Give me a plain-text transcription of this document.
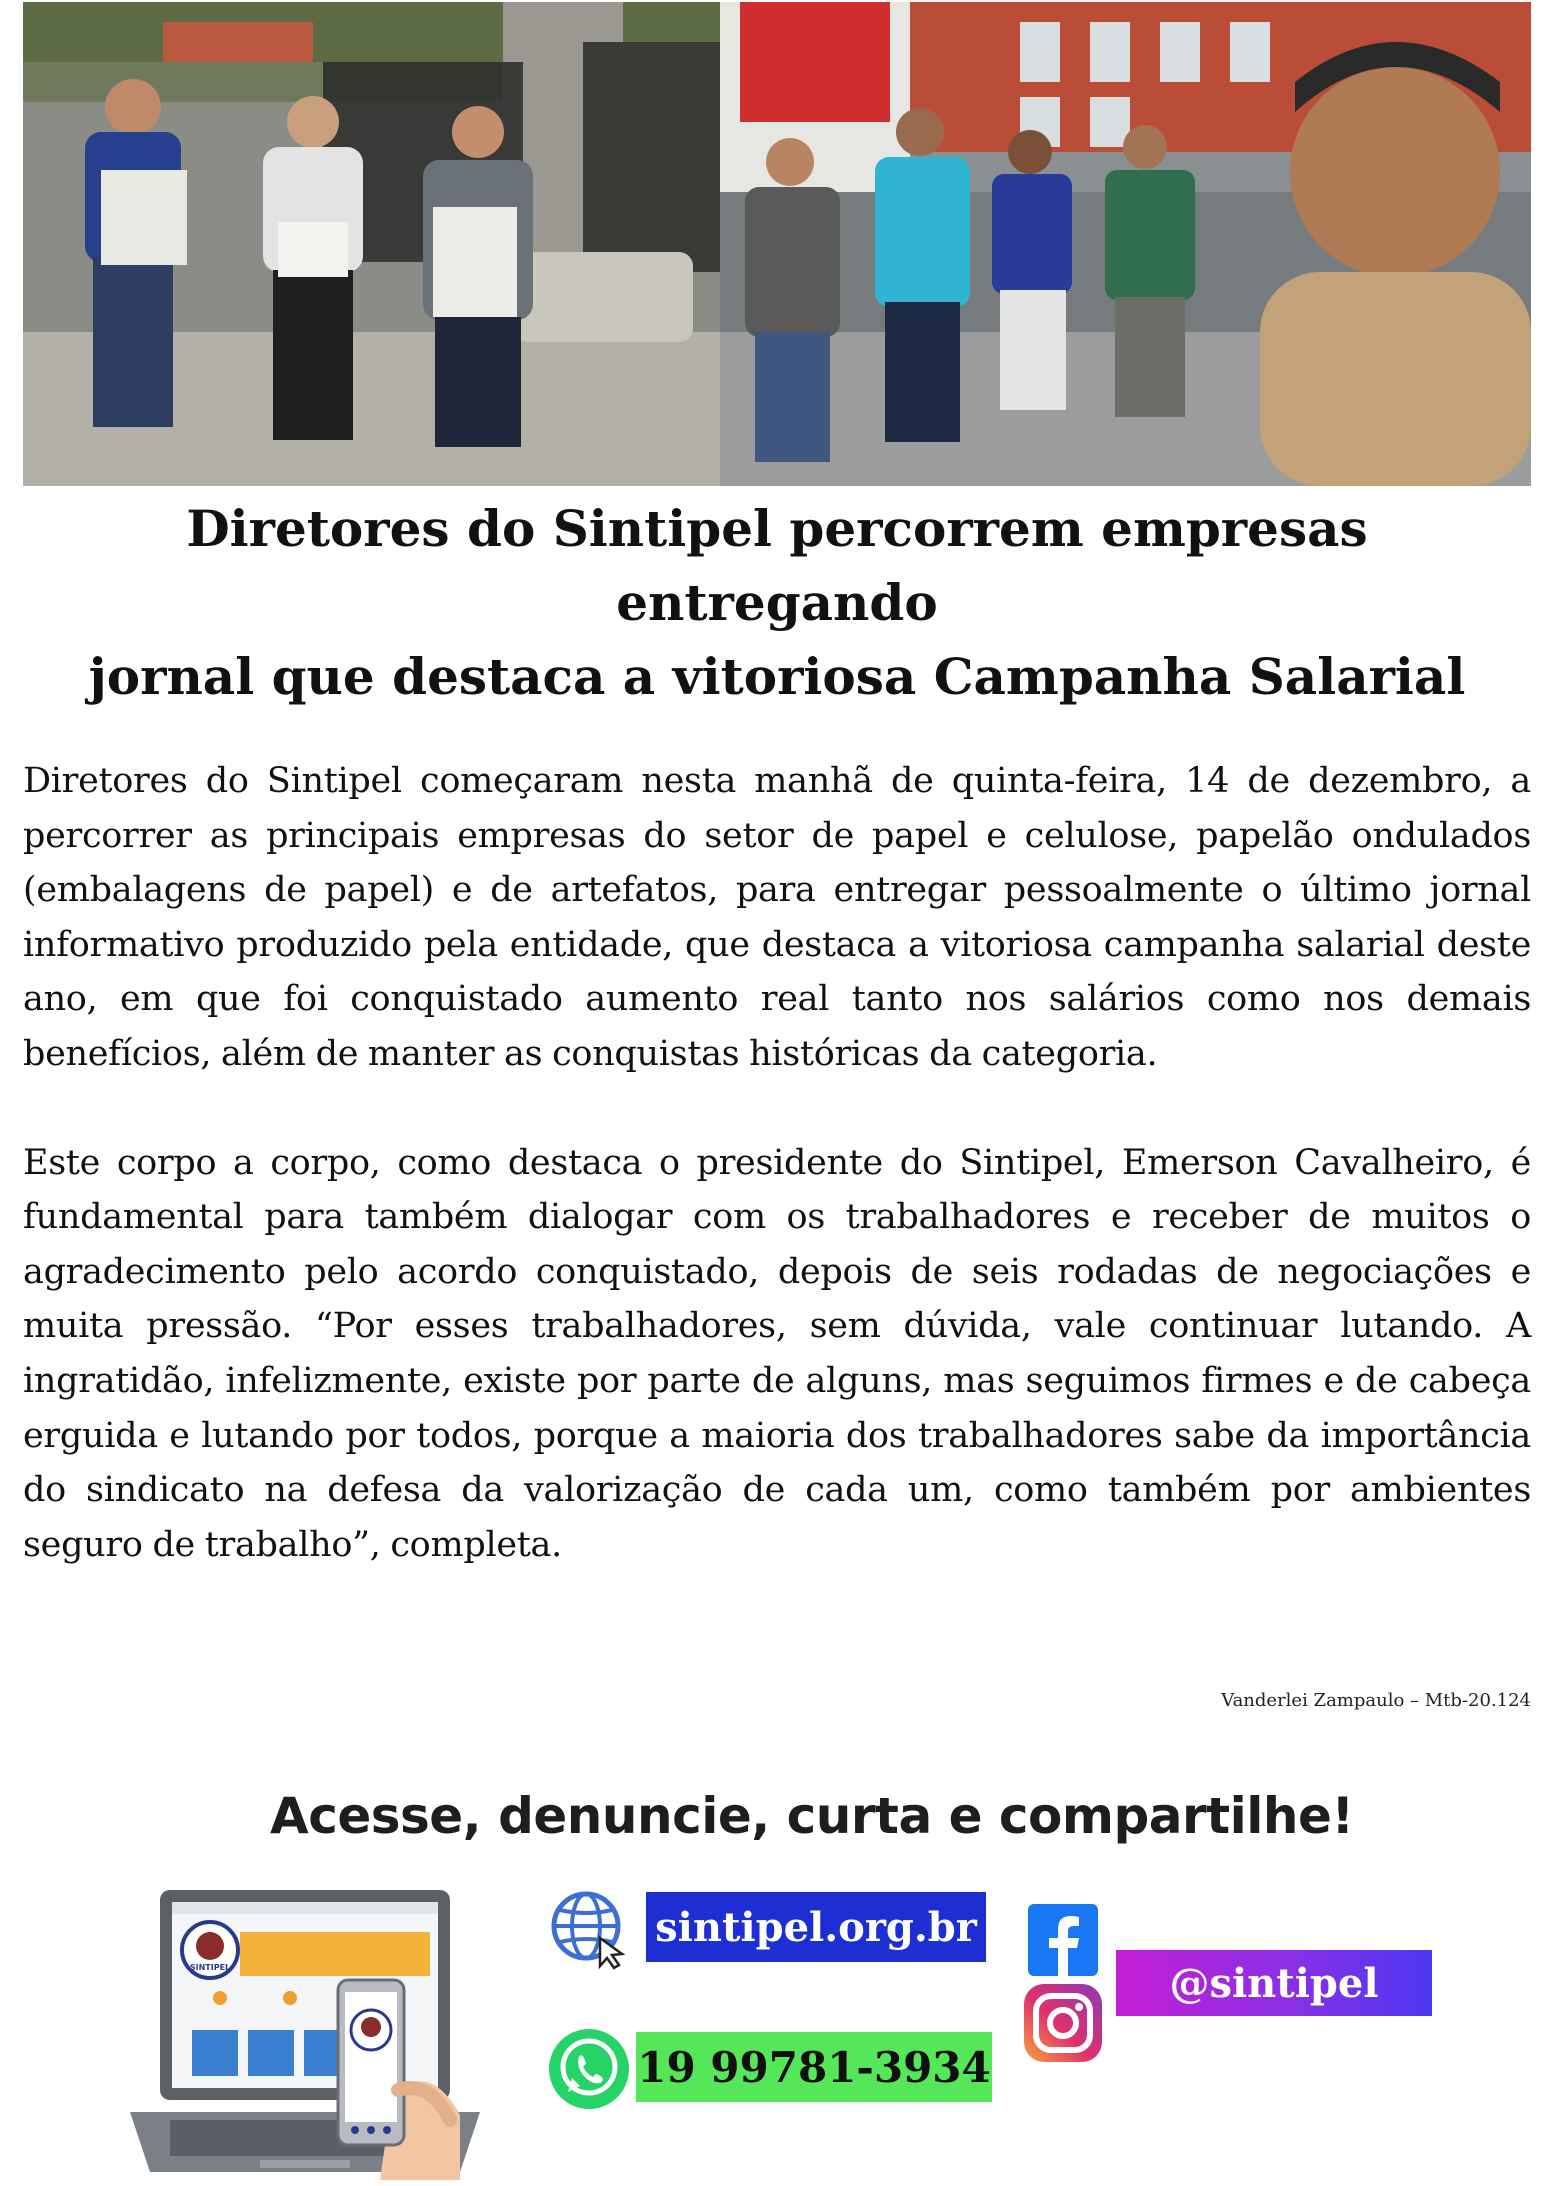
Diretores do Sintipel percorrem empresas
entregando
jornal que destaca a vitoriosa Campanha Salarial

Diretores do Sintipel começaram nesta manhã de quinta-feira, 14 de dezembro, a percorrer as principais empresas do setor de papel e celulose, papelão ondulados (embalagens de papel) e de artefatos, para entregar pessoalmente o último jornal informativo produzido pela entidade, que destaca a vitoriosa campanha salarial deste ano, em que foi conquistado aumento real tanto nos salários como nos demais benefícios, além de manter as conquistas históricas da categoria.

Este corpo a corpo, como destaca o presidente do Sintipel, Emerson Cavalheiro, é fundamental para também dialogar com os trabalhadores e receber de muitos o agradecimento pelo acordo conquistado, depois de seis rodadas de negociações e muita pressão. “Por esses trabalhadores, sem dúvida, vale continuar lutando. A ingratidão, infelizmente, existe por parte de alguns, mas seguimos firmes e de cabeça erguida e lutando por todos, porque a maioria dos trabalhadores sabe da importância do sindicato na defesa da valorização de cada um, como também por ambientes seguro de trabalho”, completa.

Vanderlei Zampaulo – Mtb-20.124
Acesse, denuncie, curta e compartilhe!
SINTIPEL
sintipel.org.br
19 99781-3934
@sintipel
